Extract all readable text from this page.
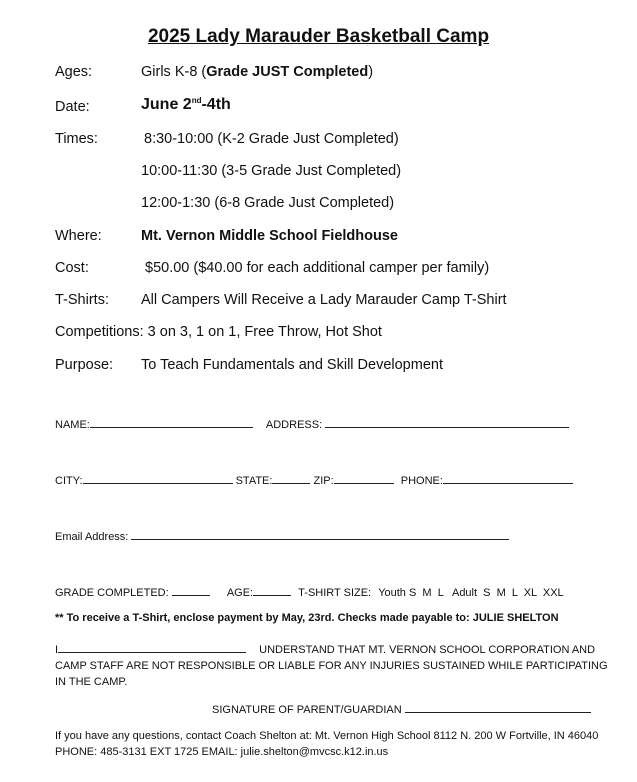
2025 Lady Marauder Basketball Camp
Ages:	Girls K-8 (Grade JUST Completed)
Date:	June 2nd-4th
Times:	8:30-10:00 (K-2 Grade Just Completed)
10:00-11:30 (3-5 Grade Just Completed)
12:00-1:30 (6-8 Grade Just Completed)
Where:	Mt. Vernon Middle School Fieldhouse
Cost:	$50.00 ($40.00 for each additional camper per family)
T-Shirts: All Campers Will Receive a Lady Marauder Camp T-Shirt
Competitions: 3 on 3, 1 on 1, Free Throw, Hot Shot
Purpose: To Teach Fundamentals and Skill Development
NAME:	ADDRESS:
CITY:	STATE:	ZIP:	PHONE:
Email Address:
GRADE COMPLETED:	AGE:	T-SHIRT SIZE: Youth S  M  L   Adult  S  M  L  XL  XXL
** To receive a T-Shirt, enclose payment by May, 23rd. Checks made payable to: JULIE SHELTON
I	UNDERSTAND THAT MT. VERNON SCHOOL CORPORATION AND CAMP STAFF ARE NOT RESPONSIBLE OR LIABLE FOR ANY INJURIES SUSTAINED WHILE PARTICIPATING IN THE CAMP.
SIGNATURE OF PARENT/GUARDIAN
If you have any questions, contact Coach Shelton at: Mt. Vernon High School 8112 N. 200 W Fortville, IN 46040 PHONE: 485-3131 EXT 1725 EMAIL: julie.shelton@mvcsc.k12.in.us
